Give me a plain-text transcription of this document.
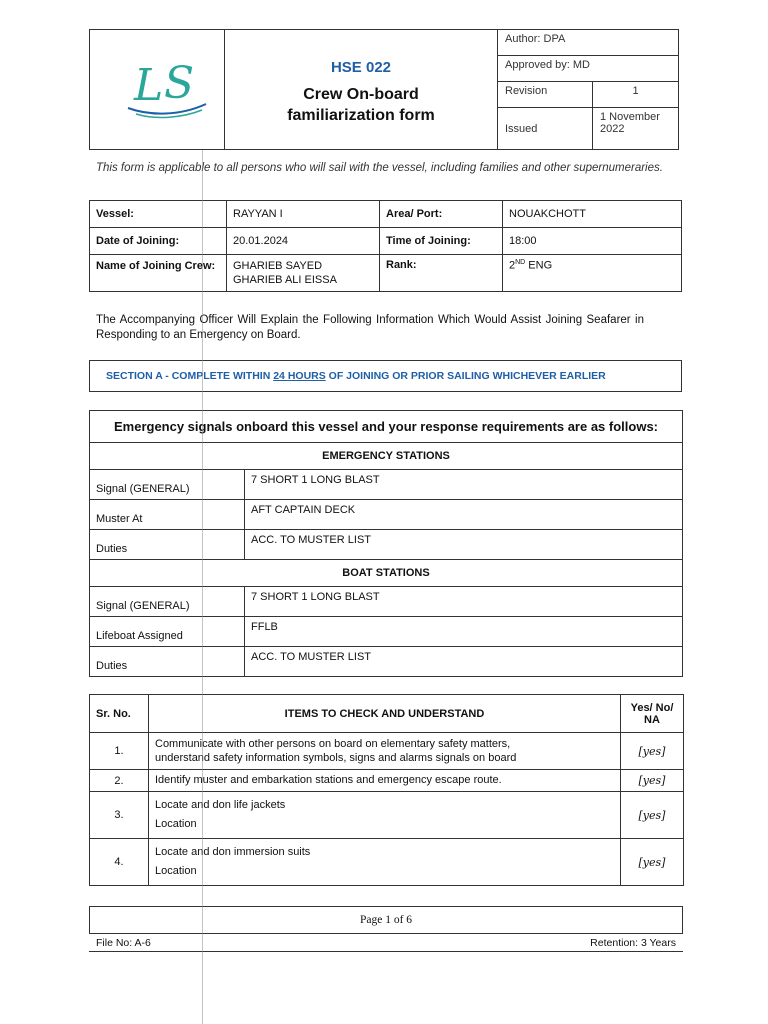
L S	HSE 022
Crew On-board
familiarization form
Author: DPA	
Approved by: MD	
Revision	1
Issued	1 November 2022
This form is applicable to all persons who will sail with the vessel, including families and other supernumeraries.
Vessel:	RAYYAN I	Area/ Port:	NOUAKCHOTT
Date of Joining:	20.01.2024	Time of Joining:	18:00
Name of Joining Crew:	GHARIEB SAYED GHARIEB ALI EISSA	Rank:	2ND ENG
The Accompanying Officer Will Explain the Following Information Which Would Assist Joining Seafarer in Responding to an Emergency on Board.
SECTION A - COMPLETE WITHIN 24 HOURS OF JOINING OR PRIOR SAILING WHICHEVER EARLIER
Emergency signals onboard this vessel and your response requirements are as follows:	
EMERGENCY STATIONS	
Signal (GENERAL)	7 SHORT 1 LONG BLAST
Muster At	AFT CAPTAIN DECK
Duties	ACC. TO MUSTER LIST
BOAT STATIONS	
Signal (GENERAL)	7 SHORT 1 LONG BLAST
Lifeboat Assigned	FFLB
Duties	ACC. TO MUSTER LIST
Sr. No.	ITEMS TO CHECK AND UNDERSTAND	Yes/ No/ NA
1.	Communicate with other persons on board on elementary safety matters,
understand safety information symbols, signs and alarms signals on board	[yes]
2.	Identify muster and embarkation stations and emergency escape route.	[yes]
3.	Locate and don life jackets
Location	[yes]
4.	Locate and don immersion suits
Location	[yes]
Page 1 of 6
File No: A-6	Retention: 3 Years
